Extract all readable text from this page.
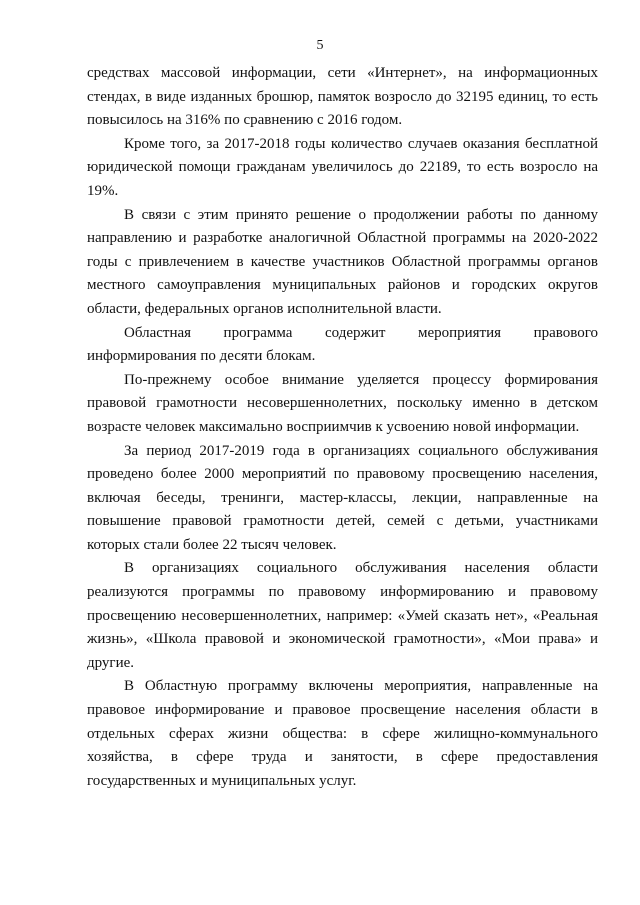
5

средствах массовой информации, сети «Интернет», на информационных
стендах, в виде изданных брошюр, памяток возросло до 32195 единиц, то есть
повысилось на 316% по сравнению с 2016 годом.

Кроме того, за 2017-2018 годы количество случаев оказания бесплатной
юридической помощи гражданам увеличилось до 22189, то есть возросло на
19%.

В связи с этим принято решение о продолжении работы по данному
направлению и разработке аналогичной Областной программы на 2020-2022
годы с привлечением в качестве участников Областной программы органов
местного самоуправления муниципальных районов и городских округов
области, федеральных органов исполнительной власти.

Областная программа содержит мероприятия правового
информирования по десяти блокам.

По-прежнему особое внимание уделяется процессу формирования
правовой грамотности несовершеннолетних, поскольку именно в детском
возрасте человек максимально восприимчив к усвоению новой информации.

За период 2017-2019 года в организациях социального обслуживания
проведено более 2000 мероприятий по правовому просвещению населения,
включая беседы, тренинги, мастер-классы, лекции, направленные на
повышение правовой грамотности детей, семей с детьми, участниками
которых стали более 22 тысяч человек.

В организациях социального обслуживания населения области
реализуются программы по правовому информированию и правовому
просвещению несовершеннолетних, например: «Умей сказать нет», «Реальная
жизнь», «Школа правовой и экономической грамотности», «Мои права» и
другие.

В Областную программу включены мероприятия, направленные на
правовое информирование и правовое просвещение населения области в
отдельных сферах жизни общества: в сфере жилищно-коммунального
хозяйства, в сфере труда и занятости, в сфере предоставления
государственных и муниципальных услуг.
